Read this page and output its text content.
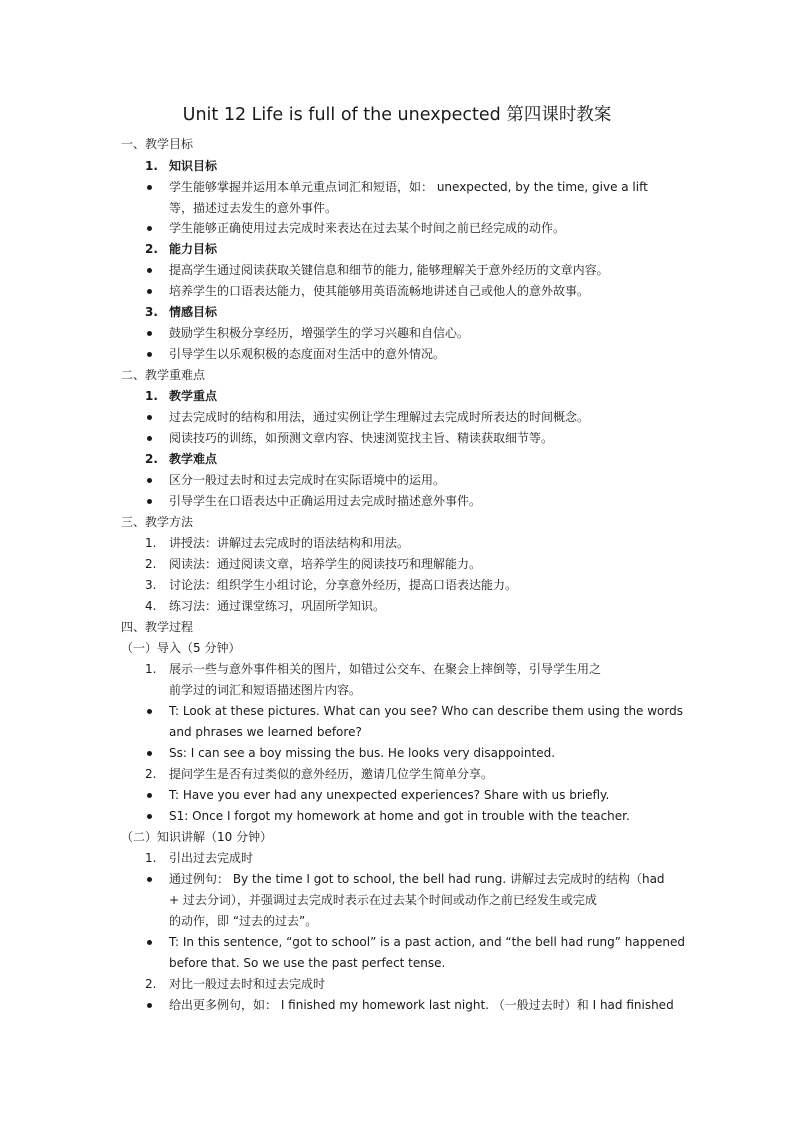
Unit 12 Life is full of the unexpected 第四课时教案
一、教学目标
1. 知识目标
学生能够掌握并运用本单元重点词汇和短语，如： unexpected, by the time, give a lift
等，描述过去发生的意外事件。
学生能够正确使用过去完成时来表达在过去某个时间之前已经完成的动作。
2. 能力目标
提高学生通过阅读获取关键信息和细节的能力, 能够理解关于意外经历的文章内容。
培养学生的口语表达能力，使其能够用英语流畅地讲述自己或他人的意外故事。
3. 情感目标
鼓励学生积极分享经历，增强学生的学习兴趣和自信心。
引导学生以乐观积极的态度面对生活中的意外情况。
二、教学重难点
1. 教学重点
过去完成时的结构和用法，通过实例让学生理解过去完成时所表达的时间概念。
阅读技巧的训练，如预测文章内容、快速浏览找主旨、精读获取细节等。
2. 教学难点
区分一般过去时和过去完成时在实际语境中的运用。
引导学生在口语表达中正确运用过去完成时描述意外事件。
三、教学方法
1. 讲授法：讲解过去完成时的语法结构和用法。
2. 阅读法：通过阅读文章，培养学生的阅读技巧和理解能力。
3. 讨论法：组织学生小组讨论，分享意外经历，提高口语表达能力。
4. 练习法：通过课堂练习，巩固所学知识。
四、教学过程
（一）导入（5 分钟）
1. 展示一些与意外事件相关的图片，如错过公交车、在聚会上摔倒等，引导学生用之
前学过的词汇和短语描述图片内容。
T: Look at these pictures. What can you see? Who can describe them using the words
and phrases we learned before?
Ss: I can see a boy missing the bus. He looks very disappointed.
2. 提问学生是否有过类似的意外经历，邀请几位学生简单分享。
T: Have you ever had any unexpected experiences? Share with us briefly.
S1: Once I forgot my homework at home and got in trouble with the teacher.
（二）知识讲解（10 分钟）
1. 引出过去完成时
通过例句： By the time I got to school, the bell had rung. 讲解过去完成时的结构（had
+ 过去分词），并强调过去完成时表示在过去某个时间或动作之前已经发生或完成
的动作，即 “过去的过去”。
T: In this sentence, “got to school” is a past action, and “the bell had rung” happened
before that. So we use the past perfect tense.
2. 对比一般过去时和过去完成时
给出更多例句，如： I finished my homework last night. （一般过去时）和 I had finished
